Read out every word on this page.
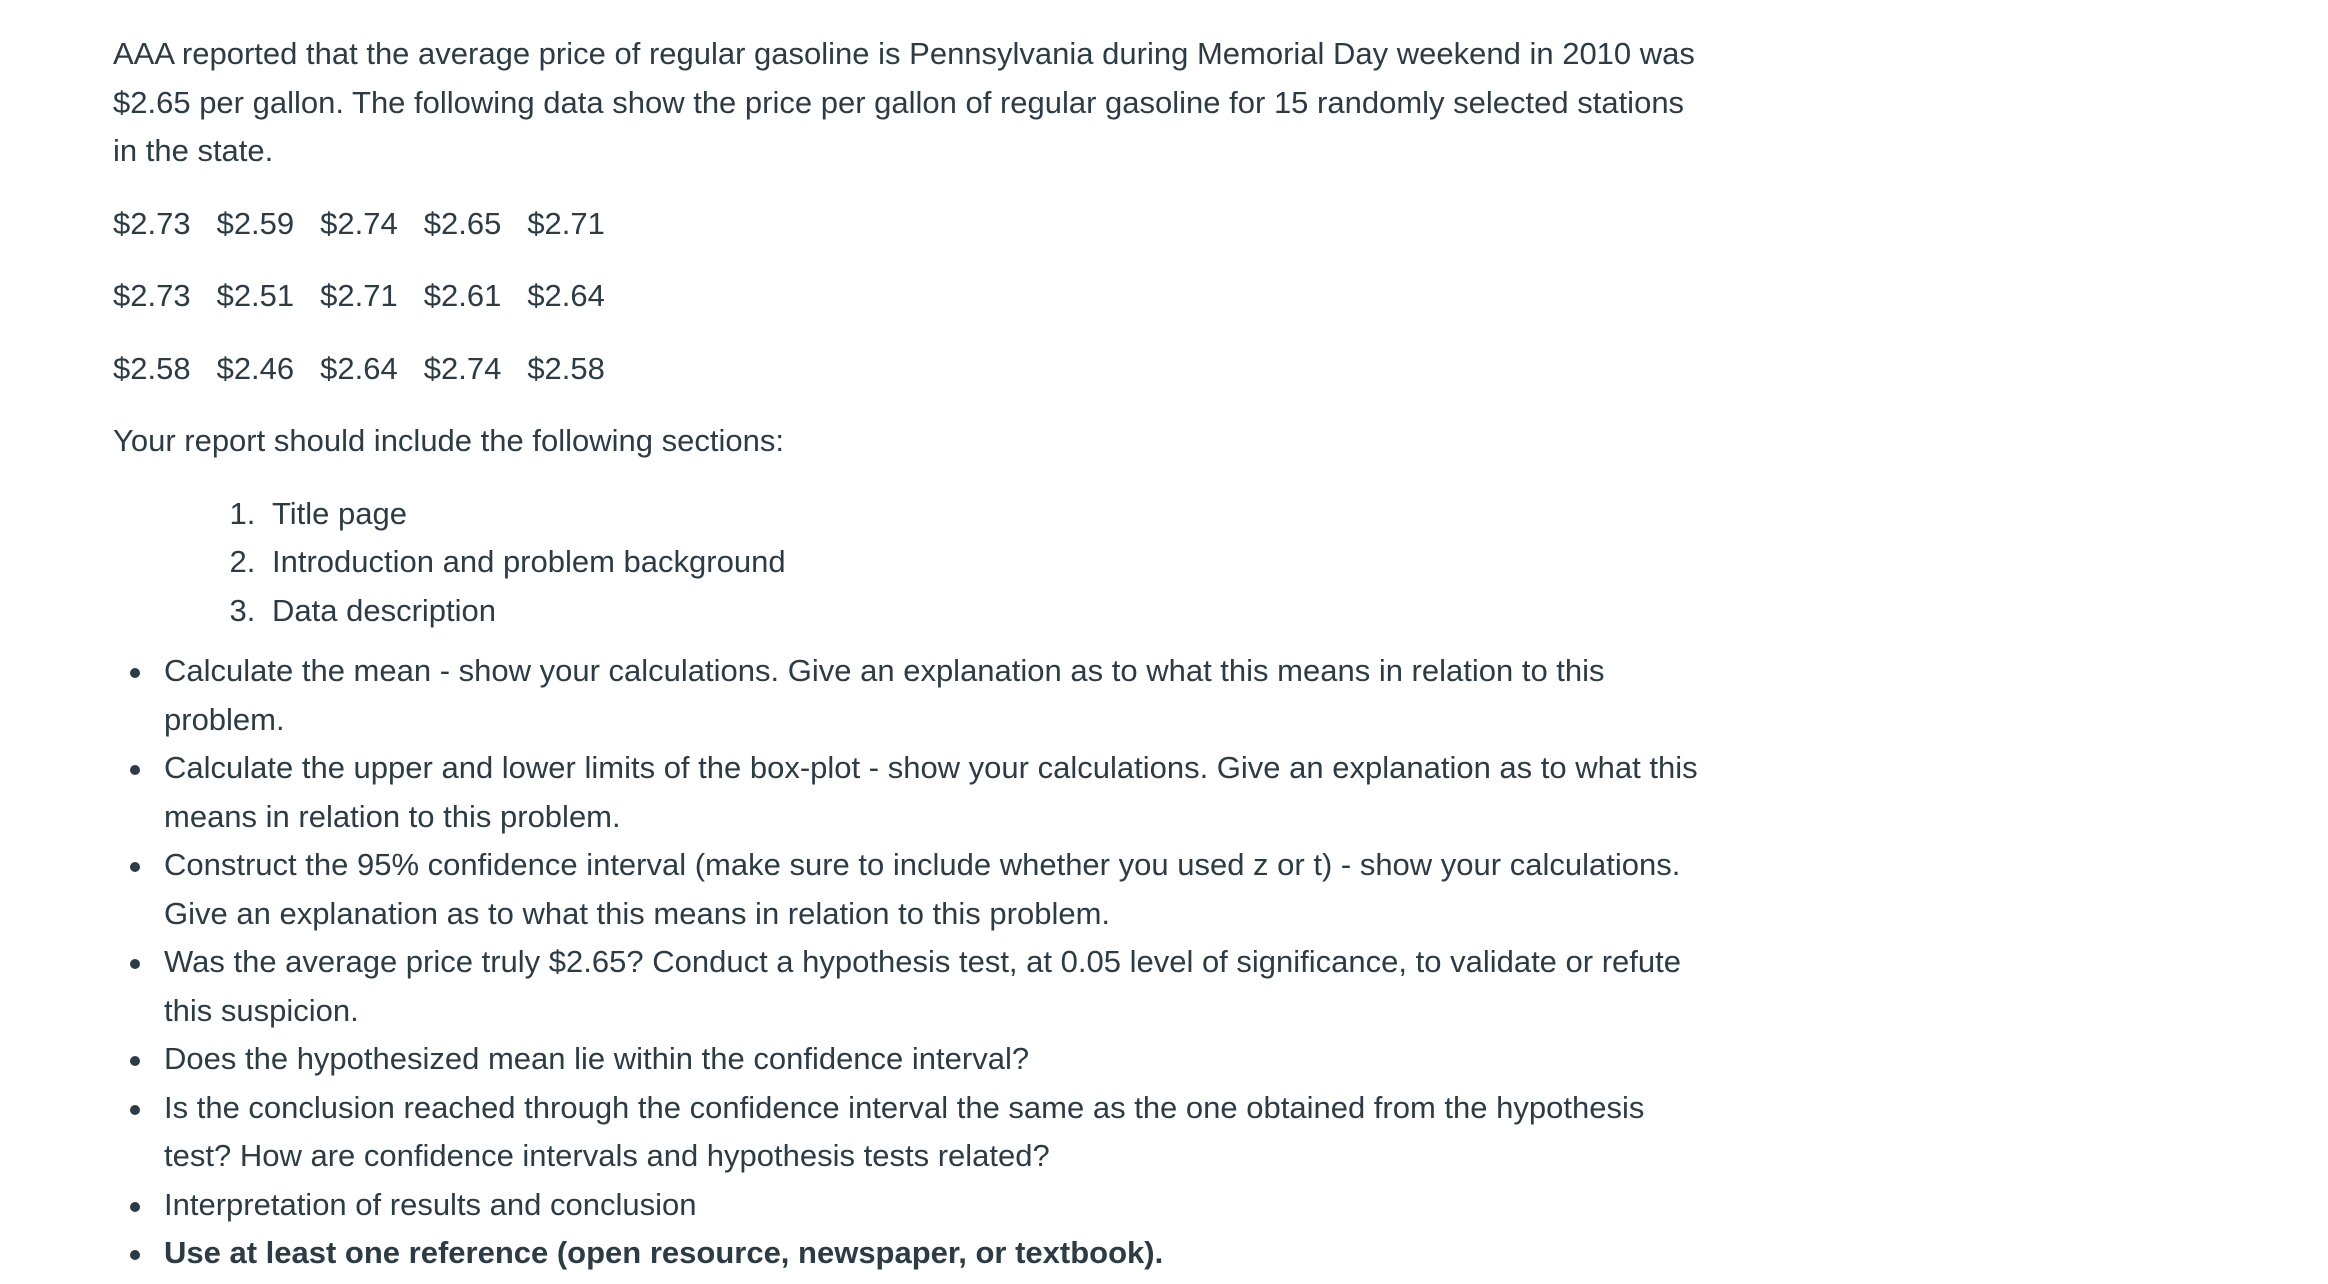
AAA reported that the average price of regular gasoline is Pennsylvania during Memorial Day weekend in 2010 was $2.65 per gallon. The following data show the price per gallon of regular gasoline for 15 randomly selected stations in the state.

$2.73 $2.59 $2.74 $2.65 $2.71
$2.73 $2.51 $2.71 $2.61 $2.64
$2.58 $2.46 $2.64 $2.74 $2.58

Your report should include the following sections:

1. Title page
2. Introduction and problem background
3. Data description
Calculate the mean - show your calculations. Give an explanation as to what this means in relation to this problem.
Calculate the upper and lower limits of the box-plot - show your calculations. Give an explanation as to what this means in relation to this problem.
Construct the 95% confidence interval (make sure to include whether you used z or t) - show your calculations. Give an explanation as to what this means in relation to this problem.
Was the average price truly $2.65? Conduct a hypothesis test, at 0.05 level of significance, to validate or refute this suspicion.
Does the hypothesized mean lie within the confidence interval?
Is the conclusion reached through the confidence interval the same as the one obtained from the hypothesis test? How are confidence intervals and hypothesis tests related?
Interpretation of results and conclusion
Use at least one reference (open resource, newspaper, or textbook).
